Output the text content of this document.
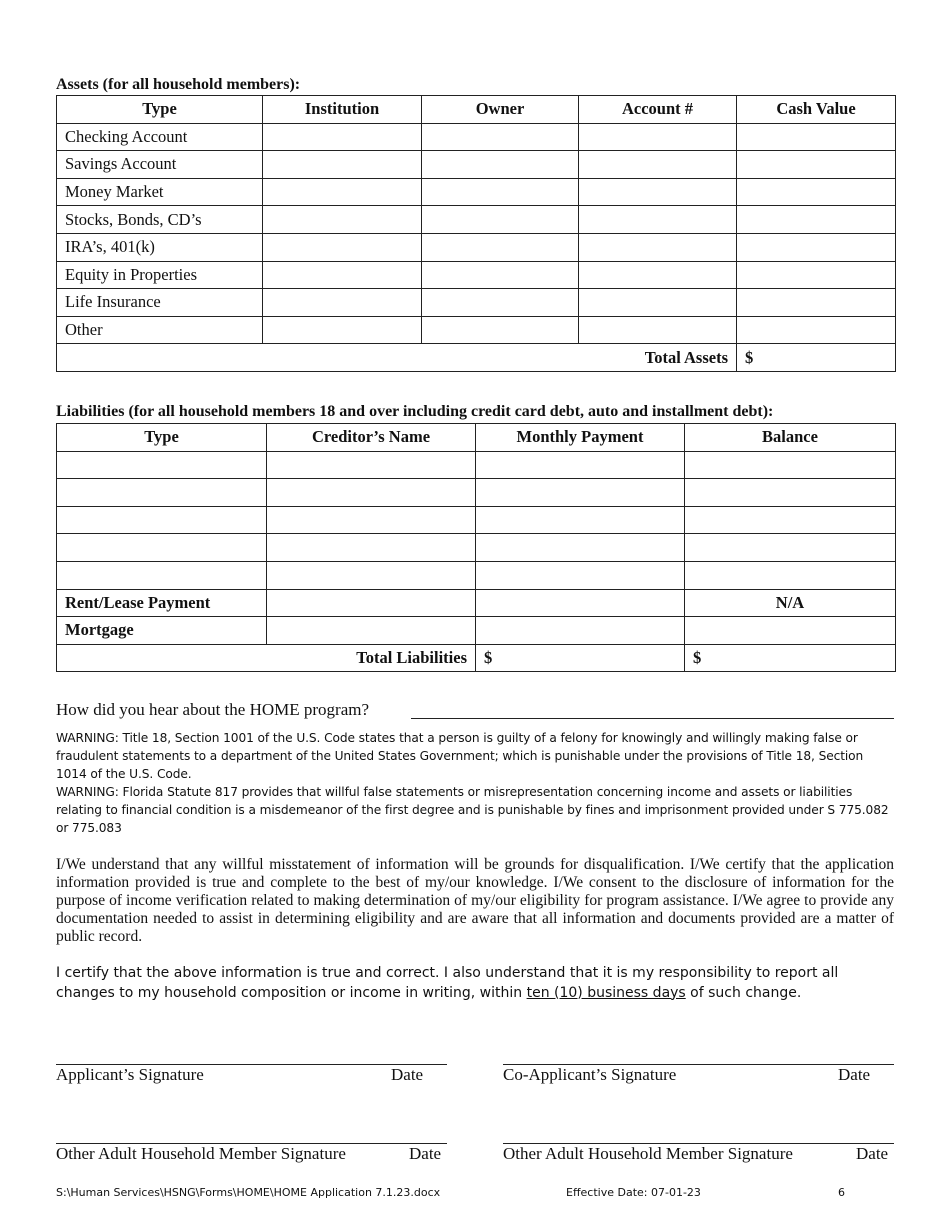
Assets (for all household members):
Type	Institution	Owner	Account #	Cash Value
Checking Account				
Savings Account				
Money Market				
Stocks, Bonds, CD’s				
IRA’s, 401(k)				
Equity in Properties				
Life Insurance				
Other				
Total Assets				$
Liabilities (for all household members 18 and over including credit card debt, auto and installment debt):
Type	Creditor’s Name	Monthly Payment	Balance

Rent/Lease Payment			N/A
Mortgage			
Total Liabilities		$	$
How did you hear about the HOME program?
WARNING: Title 18, Section 1001 of the U.S. Code states that a person is guilty of a felony for knowingly and willingly making false or fraudulent statements to a department of the United States Government; which is punishable under the provisions of Title 18, Section 1014 of the U.S. Code.
WARNING: Florida Statute 817 provides that willful false statements or misrepresentation concerning income and assets or liabilities relating to financial condition is a misdemeanor of the first degree and is punishable by fines and imprisonment provided under S 775.082 or 775.083
I/We understand that any willful misstatement of information will be grounds for disqualification. I/We certify that the application information provided is true and complete to the best of my/our knowledge. I/We consent to the disclosure of information for the purpose of income verification related to making determination of my/our eligibility for program assistance. I/We agree to provide any documentation needed to assist in determining eligibility and are aware that all information and documents provided are a matter of public record.
I certify that the above information is true and correct. I also understand that it is my responsibility to report all changes to my household composition or income in writing, within ten (10) business days of such change.
Applicant’s Signature	Date	Co-Applicant’s Signature	Date
Other Adult Household Member Signature	Date	Other Adult Household Member Signature	Date
S:\Human Services\HSNG\Forms\HOME\HOME Application 7.1.23.docx	Effective Date: 07-01-23	6
